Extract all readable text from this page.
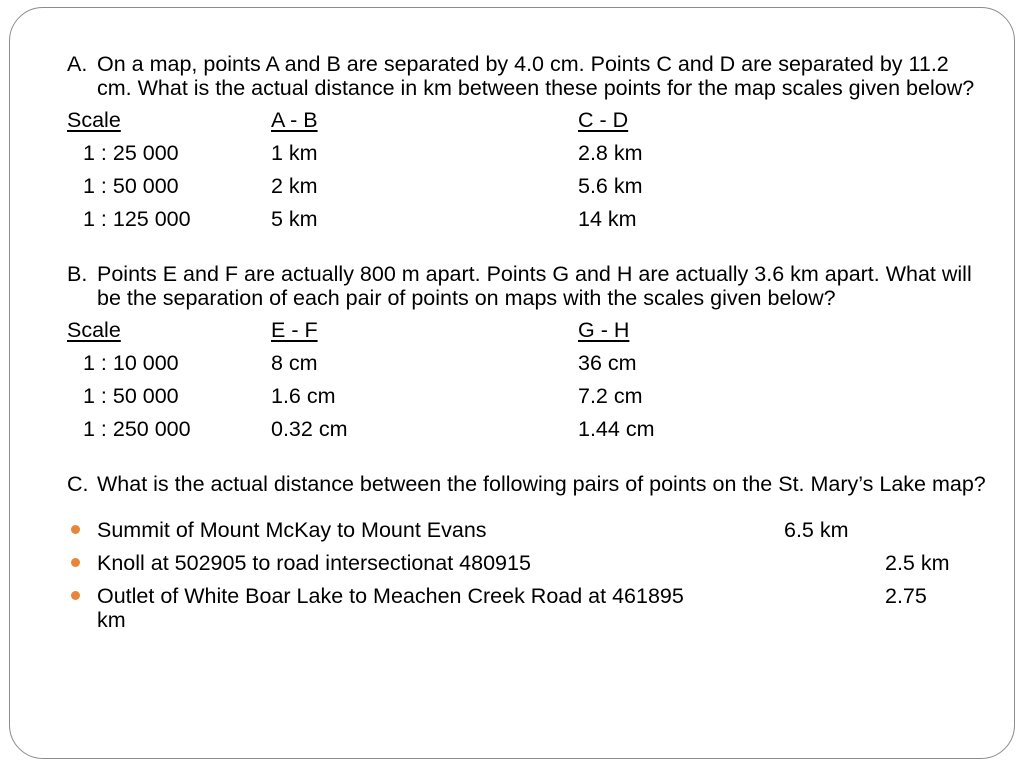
A. On a map, points A and B are separated by 4.0 cm. Points C and D are separated by 11.2 cm. What is the actual distance in km between these points for the map scales given below?
Scale	A - B	C - D
1 : 25 000	1 km	2.8 km
1 : 50 000	2 km	5.6 km
1 : 125 000	5 km	14 km
B. Points E and F are actually 800 m apart. Points G and H are actually 3.6 km apart. What will be the separation of each pair of points on maps with the scales given below?
Scale	E - F	G - H
1 : 10 000	8 cm	36 cm
1 : 50 000	1.6 cm	7.2 cm
1 : 250 000	0.32 cm	1.44 cm
C. What is the actual distance between the following pairs of points on the St. Mary’s Lake map?
Summit of Mount McKay to Mount Evans	6.5 km
Knoll at 502905 to road intersectionat 480915	2.5 km
Outlet of White Boar Lake to Meachen Creek Road at 461895	2.75
km
